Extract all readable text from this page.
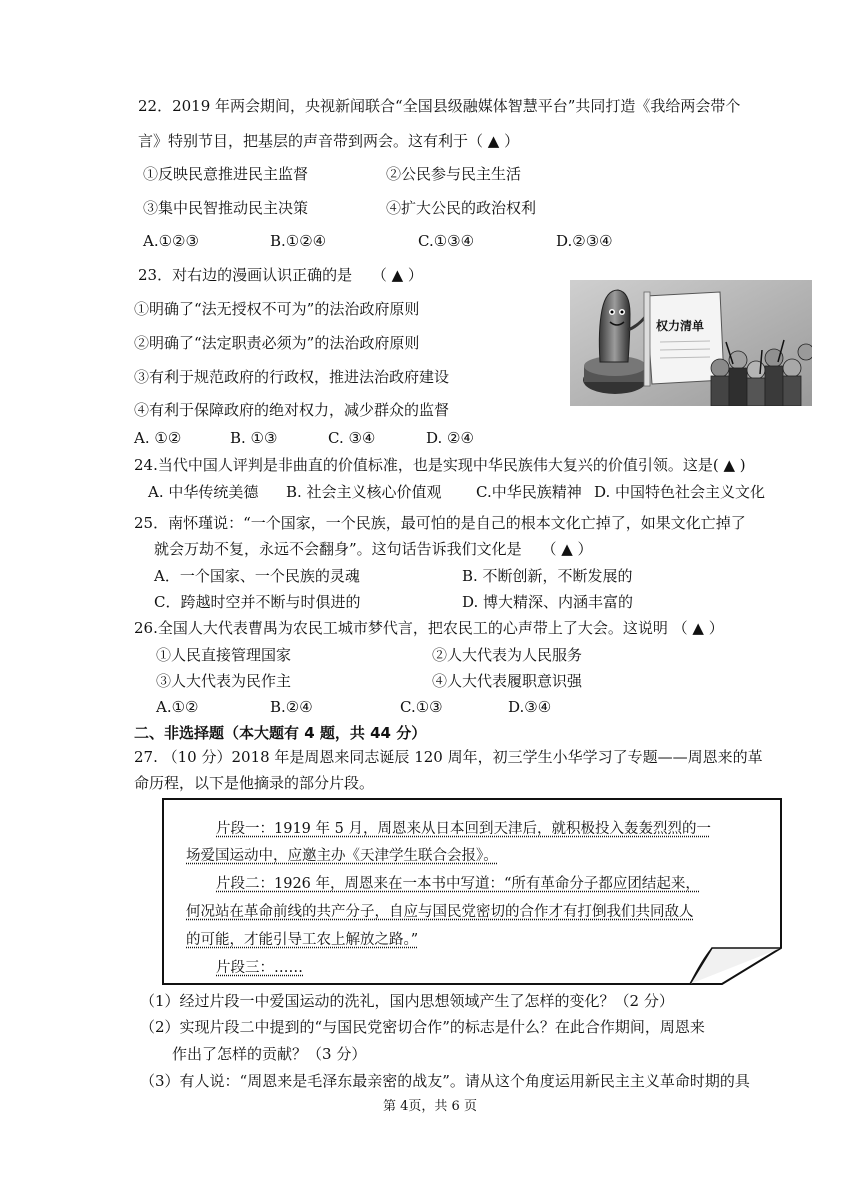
22．2019 年两会期间，央视新闻联合“全国县级融媒体智慧平台”共同打造《我给两会带个
言》特别节目，把基层的声音带到两会。这有利于（ ▲ ）
①反映民意推进民主监督	②公民参与民主生活
③集中民智推动民主决策	④扩大公民的政治权利
A.①②③	B.①②④	C.①③④	D.②③④
23．对右边的漫画认识正确的是　 （ ▲ ）
①明确了“法无授权不可为”的法治政府原则
②明确了“法定职责必须为”的法治政府原则
③有利于规范政府的行政权，推进法治政府建设
④有利于保障政府的绝对权力，减少群众的监督
A. ①②	B. ①③	C. ③④	D. ②④
权力清单
24.当代中国人评判是非曲直的价值标准，也是实现中华民族伟大复兴的价值引领。这是( ▲ )
A. 中华传统美德 B. 社会主义核心价值观 C.中华民族精神 D. 中国特色社会主义文化
25．南怀瑾说：“一个国家，一个民族，最可怕的是自己的根本文化亡掉了，如果文化亡掉了
就会万劫不复，永远不会翻身”。这句话告诉我们文化是　 （ ▲ ）
A．一个国家、一个民族的灵魂	B. 不断创新，不断发展的
C．跨越时空并不断与时俱进的	D. 博大精深、内涵丰富的
26.全国人大代表曹禺为农民工城市梦代言，把农民工的心声带上了大会。这说明 （ ▲ ）
①人民直接管理国家	②人大代表为人民服务
③人大代表为民作主	④人大代表履职意识强
A.①②	B.②④	C.①③	D.③④
二、非选择题（本大题有 4 题，共 44 分）
27. （10 分）2018 年是周恩来同志诞辰 120 周年，初三学生小华学习了专题——周恩来的革
命历程，以下是他摘录的部分片段。
片段一：1919 年 5 月，周恩来从日本回到天津后，就积极投入轰轰烈烈的一
场爱国运动中，应邀主办《天津学生联合会报》。
片段二：1926 年，周恩来在一本书中写道：“所有革命分子都应团结起来，
何况站在革命前线的共产分子，自应与国民党密切的合作才有打倒我们共同敌人
的可能，才能引导工农上解放之路。”
片段三：……
（1）经过片段一中爱国运动的洗礼，国内思想领域产生了怎样的变化？（2 分）
（2）实现片段二中提到的“与国民党密切合作”的标志是什么？在此合作期间，周恩来
作出了怎样的贡献？（3 分）
（3）有人说：“周恩来是毛泽东最亲密的战友”。请从这个角度运用新民主主义革命时期的具
第 4页，共 6 页
